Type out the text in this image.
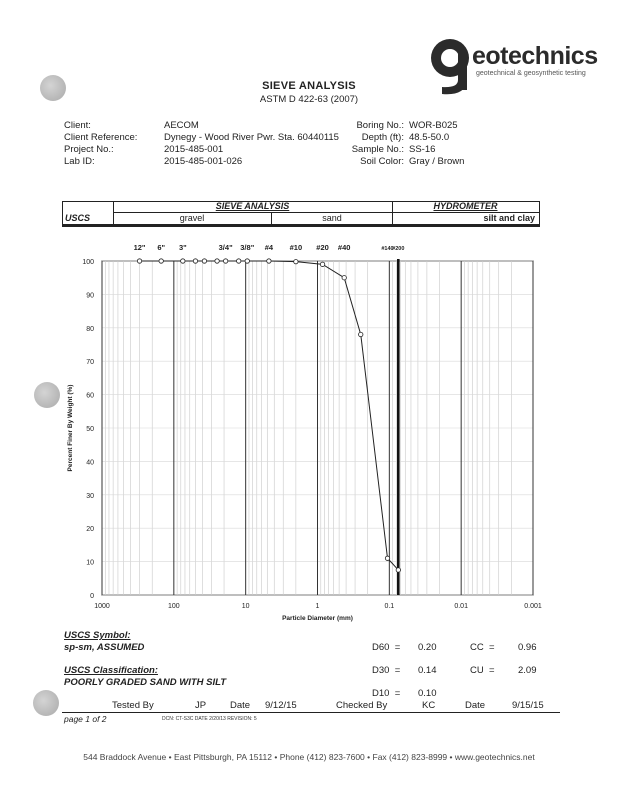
eotechnics
geotechnical & geosynthetic testing
SIEVE ANALYSIS
ASTM D 422-63 (2007)
Client:	AECOM
Client Reference:	Dynegy - Wood River Pwr. Sta. 60440115
Project No.:	2015-485-001
Lab ID:	2015-485-001-026
Boring No.: WOR-B025
Depth (ft): 48.5-50.0
Sample No.: SS-16
Soil Color: Gray / Brown
SIEVE ANALYSIS	HYDROMETER
USCS	gravel	sand	silt and clay
0
10
20
30
40
50
60
70
80
90
100
1000	100	10	1	0.1	0.01	0.001
12" 6" 3"	3/4" 3/8" #4 #10 #20 #40	#140
#200
Particle Diameter (mm)
Percent Finer By Weight (%)
USCS Symbol:
sp-sm, ASSUMED
USCS Classification:
POORLY GRADED SAND WITH SILT
D60  = 0.20
D30  = 0.14
D10  = 0.10
CC  = 0.96
CU  = 2.09
Tested By	JP	Date 9/12/15	Checked By	KC	Date	9/15/15
page 1 of 2	DCN: CT-S3C DATE 2/20/13 REVISION: 5
544 Braddock Avenue • East Pittsburgh, PA 15112 • Phone (412) 823-7600 • Fax (412) 823-8999 • www.geotechnics.net
